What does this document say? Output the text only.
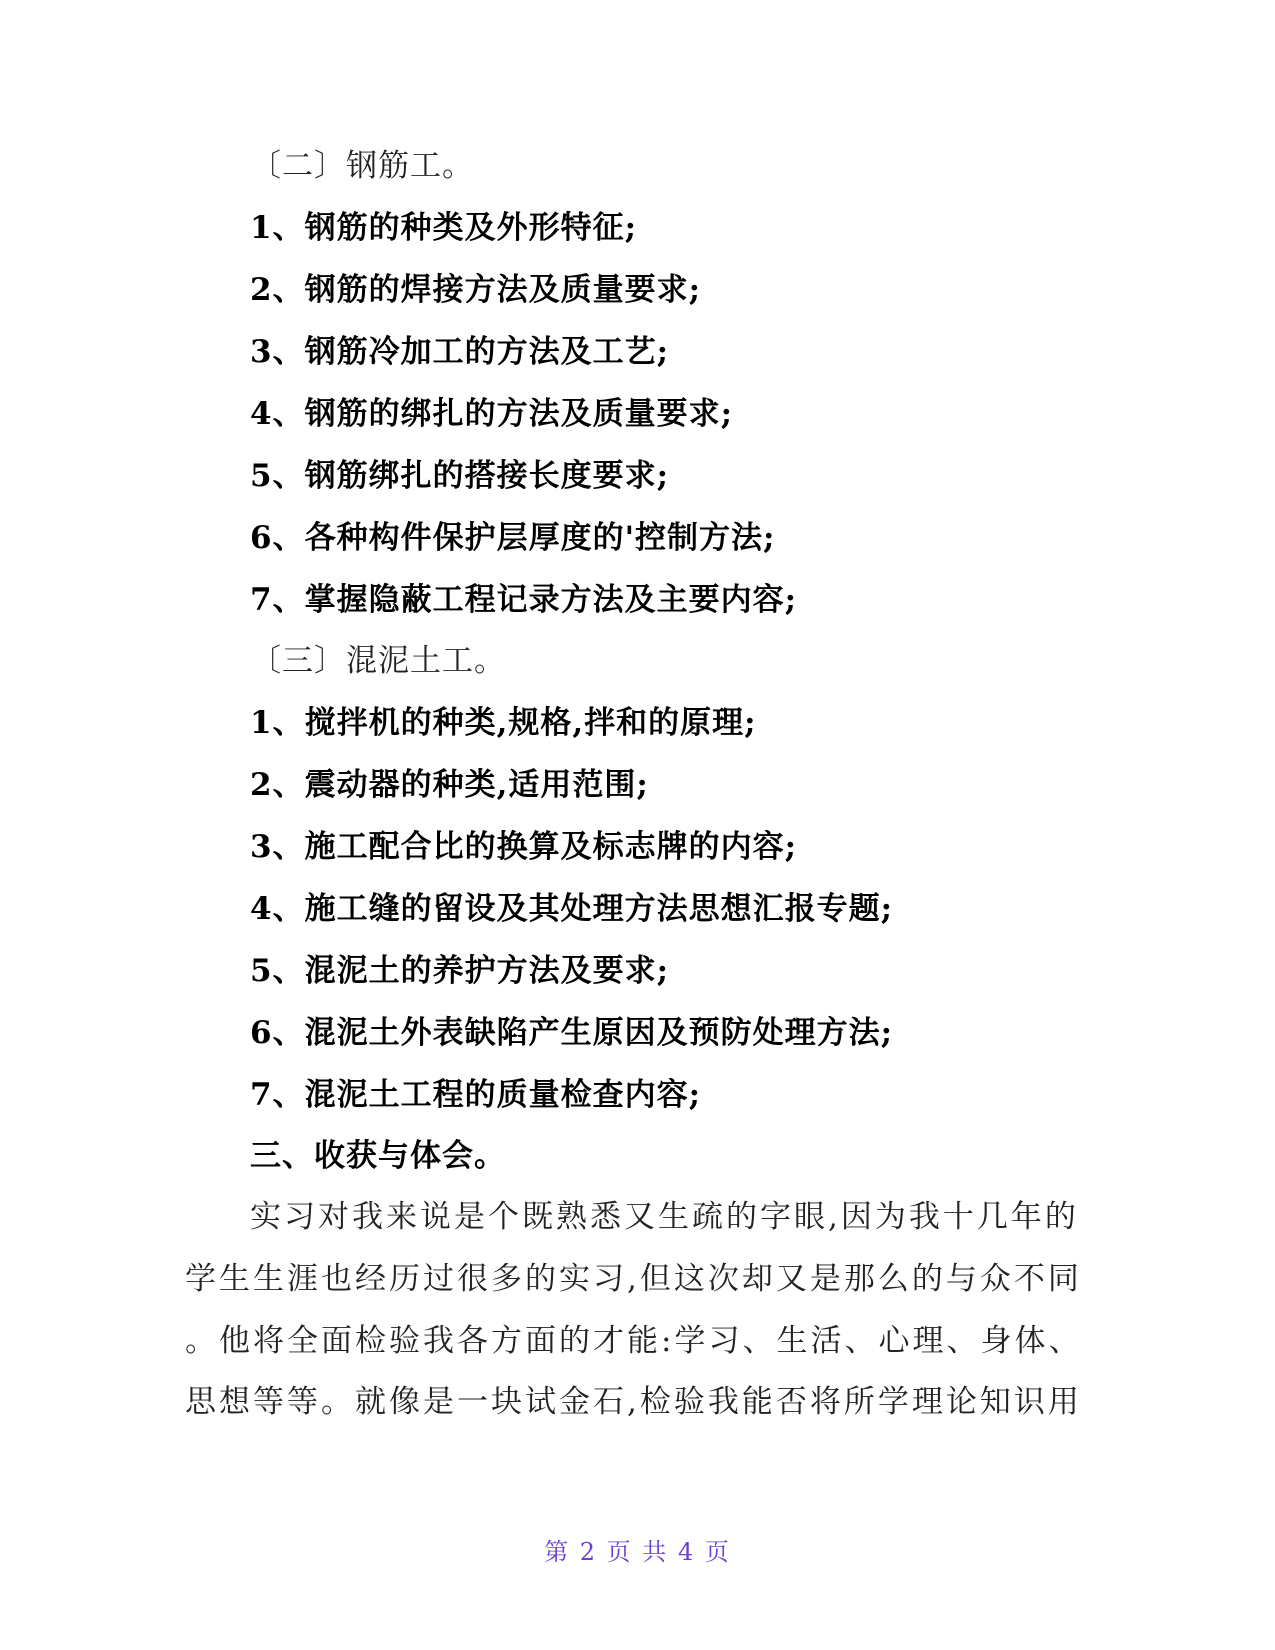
〔二〕钢筋工。
1、钢筋的种类及外形特征;
2、钢筋的焊接方法及质量要求;
3、钢筋冷加工的方法及工艺;
4、钢筋的绑扎的方法及质量要求;
5、钢筋绑扎的搭接长度要求;
6、各种构件保护层厚度的'控制方法;
7、掌握隐蔽工程记录方法及主要内容;
〔三〕混泥土工。
1、搅拌机的种类,规格,拌和的原理;
2、震动器的种类,适用范围;
3、施工配合比的换算及标志牌的内容;
4、施工缝的留设及其处理方法思想汇报专题;
5、混泥土的养护方法及要求;
6、混泥土外表缺陷产生原因及预防处理方法;
7、混泥土工程的质量检查内容;
三、收获与体会。
实习对我来说是个既熟悉又生疏的字眼,因为我十几年的
学生生涯也经历过很多的实习,但这次却又是那么的与众不同
。他将全面检验我各方面的才能:学习、生活、心理、身体、
思想等等。就像是一块试金石,检验我能否将所学理论知识用
第 2 页 共 4 页
